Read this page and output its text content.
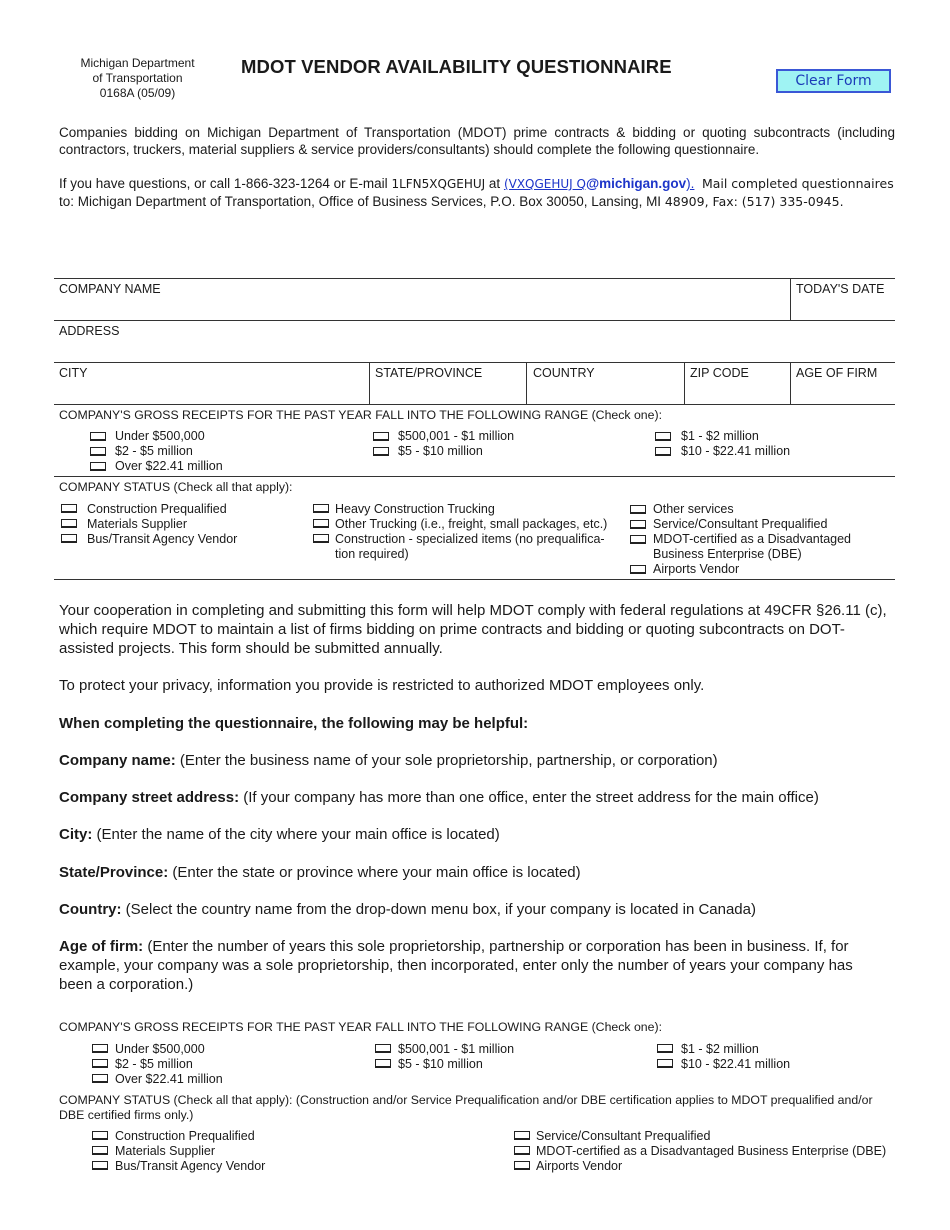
Michigan Department
of Transportation
0168A (05/09)
MDOT VENDOR AVAILABILITY QUESTIONNAIRE
Clear Form
Companies bidding on Michigan Department of Transportation (MDOT) prime contracts & bidding or quoting subcontracts (including contractors, truckers, material suppliers & service providers/consultants) should complete the following questionnaire.
If you have questions, or call 1-866-323-1264 or E-mail 1LFN5XQGEHUJ at (VXQGEHUJ Q@michigan.gov). Mail completed questionnaires
to: Michigan Department of Transportation, Office of Business Services, P.O. Box 30050, Lansing, MI 48909, Fax: (517) 335-0945.
COMPANY NAME	TODAY'S DATE
ADDRESS
CITY	STATE/PROVINCE	COUNTRY	ZIP CODE	AGE OF FIRM
COMPANY'S GROSS RECEIPTS FOR THE PAST YEAR FALL INTO THE FOLLOWING RANGE (Check one):
Under $500,000
$2 - $5 million
Over $22.41 million
$500,001 - $1 million
$5 - $10 million
$1 - $2 million
$10 - $22.41 million
COMPANY STATUS (Check all that apply):
Construction Prequalified
Materials Supplier
Bus/Transit Agency Vendor
Heavy Construction Trucking
Other Trucking (i.e., freight, small packages, etc.)
Construction - specialized items (no prequalifica-
tion required)
Other services
Service/Consultant Prequalified
MDOT-certified as a Disadvantaged
Business Enterprise (DBE)
Airports Vendor
Your cooperation in completing and submitting this form will help MDOT comply with federal regulations at 49CFR §26.11 (c), which require MDOT to maintain a list of firms bidding on prime contracts and bidding or quoting subcontracts on DOT-assisted projects. This form should be submitted annually.
To protect your privacy, information you provide is restricted to authorized MDOT employees only.
When completing the questionnaire, the following may be helpful:
Company name: (Enter the business name of your sole proprietorship, partnership, or corporation)
Company street address: (If your company has more than one office, enter the street address for the main office)
City: (Enter the name of the city where your main office is located)
State/Province: (Enter the state or province where your main office is located)
Country: (Select the country name from the drop-down menu box, if your company is located in Canada)
Age of firm: (Enter the number of years this sole proprietorship, partnership or corporation has been in business. If, for example, your company was a sole proprietorship, then incorporated, enter only the number of years your company has been a corporation.)
COMPANY'S GROSS RECEIPTS FOR THE PAST YEAR FALL INTO THE FOLLOWING RANGE (Check one):
Under $500,000
$2 - $5 million
Over $22.41 million
$500,001 - $1 million
$5 - $10 million
$1 - $2 million
$10 - $22.41 million
COMPANY STATUS (Check all that apply): (Construction and/or Service Prequalification and/or DBE certification applies to MDOT prequalified and/or DBE certified firms only.)
Construction Prequalified
Materials Supplier
Bus/Transit Agency Vendor
Service/Consultant Prequalified
MDOT-certified as a Disadvantaged Business Enterprise (DBE)
Airports Vendor
